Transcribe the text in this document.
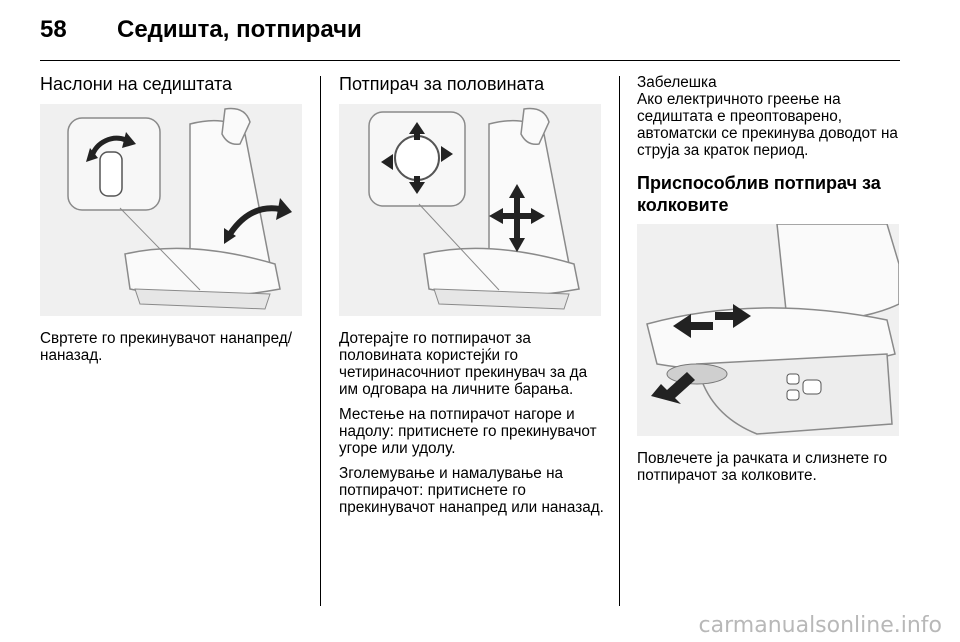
58 Седишта, потпирачи
Наслони на седиштата

Свртете го прекинувачот нанапред/наназад.

Потпирач за половината

Дотерајте го потпирачот за половината користејќи го четиринасочниот прекинувач за да им одговара на личните барања.

Местење на потпирачот нагоре и надолу: притиснете го прекинувачот угоре или удолу.

Зголемување и намалување на потпирачот: притиснете го прекинувачот нанапред или наназад.

Забелешка

Ако електричното греење на седиштата е преоптоварено, автоматски се прекинува доводот на струја за краток период.

Приспособлив потпирач за колковите

Повлечете ја рачката и слизнете го потпирачот за колковите.

carmanualsonline.info
